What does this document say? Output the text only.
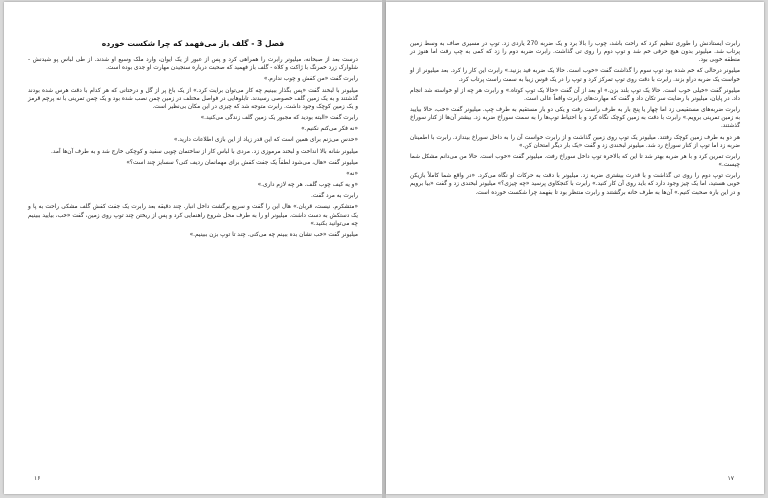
فصل 3 - گلف باز می‌فهمد که چرا شکست خورده

درست بعد از صبحانه، میلیونر رابرت را همراهی کرد و پس از عبور از یک ایوان، وارد ملک وسیع او شدند. از طی لباس پو شیدنش - شلوارک زرد خمرنگ با ژاکت و کلاه - گلف باز فهمید که صحبت درباره سنجیدن مهارت او جدی بوده است.

رابرت گفت «من کفش و چوب ندارم.»

میلیونر با لبخند گفت «پس بگذار ببینیم چه کار می‌توان برایت کرد.» از یک باغ پر از گل و درختانی که هر کدام با دقت هرس شده بودند گذشتند و به یک زمین گلف خصوصی رسیدند. تابلوهایی در فواصل مختلف در زمین چمن نصب شده بود و یک چمن تمرینی با نه پرچم قرمز و یک زمین کوچک وجود داشت. رابرت متوجه شد که چیزی در این مکان بی‌نظیر است.

رابرت گفت «البته بودید که مجبور یک زمین گلف زندگی می‌کنید.»

«نه فکر می‌کنم نکنیم.»

«حدس می‌زنم برای همین است که این قدر زیاد از این بازی اطلاعات دارید.»

میلیونر شانه بالا انداخت و لبخند مرموزی زد. مردی با لباس کار از ساختمان چوبی سفید و کوچکی خارج شد و به طرف آن‌ها آمد.

میلیونر گفت «هال، می‌شود لطفاً یک جفت کفش برای مهمانمان ردیف کنی؟ سسایز چند است؟»

«نه»

«و یه کیف چوب گلف. هر چه لازم داری.»

رابرت به مرد گفت.

«متشکرم. نیست، قربان.» هال این را گفت و سریع برگشت داخل انبار. چند دقیقه بعد رابرت یک جفت کفش گلف مشکی راحت به پا و یک دستکش به دست داشت. میلیونر او را به طرف محل شروع راهنمایی کرد و پس از ریختن چند توپ روی زمین، گفت «خب، بیایید ببینیم چه می‌توانید بکنید.»

میلیونر گفت «خب نشان بده ببینم چه می‌کنی. چند تا توپ بزن ببینیم.»

۱۶

رابرت ایستادنش را طوری تنظیم کرد که راحت باشد، چوب را بالا برد و یک ضربه 270 یاردی زد. توپ در مسیری صاف به وسط زمین پرتاب شد. میلیونر بدون هیچ حرفی خم شد و توپ دوم را روی تی گذاشت. رابرت ضربه دوم را زد که کمی به چپ رفت اما هنوز در منطقه خوبی بود.

میلیونر درحالی که خم شده بود توپ سوم را گذاشت گفت «خوب است. حالا یک ضربه فید بزنید.» رابرت این کار را کرد. بعد میلیونر از او خواست یک ضربه دراو بزند. رابرت با دقت روی توپ تمرکز کرد و توپ را در یک قوس زیبا به سمت راست پرتاب کرد.

میلیونر گفت «خیلی خوب است. حالا یک توپ بلند بزن.» او بعد از آن گفت «حالا یک توپ کوتاه.» و رابرت هر چه از او خواسته شد انجام داد. در پایان، میلیونر با رضایت سر تکان داد و گفت که مهارت‌های رابرت واقعاً عالی است.

رابرت ضربه‌های مستقیمی زد اما چهار یا پنج بار به طرف راست رفت و یکی دو بار مستقیم به طرف چپ. میلیونر گفت «خب، حالا بیایید به زمین تمرینی برویم.» رابرت با دقت به زمین کوچک نگاه کرد و با احتیاط توپ‌ها را به سمت سوراخ ضربه زد. بیشتر آن‌ها از کنار سوراخ گذشتند.

هر دو به طرف زمین کوچک رفتند. میلیونر یک توپ روی زمین گذاشت و از رابرت خواست آن را به داخل سوراخ بیندازد. رابرت با اطمینان ضربه زد اما توپ از کنار سوراخ رد شد. میلیونر لبخندی زد و گفت «یک بار دیگر امتحان کن.»

رابرت تمرین کرد و با هر ضربه بهتر شد تا این که بالاخره توپ داخل سوراخ رفت. میلیونر گفت «خوب است. حالا من می‌دانم مشکل شما چیست.»

رابرت توپ دوم را روی تی گذاشت و با قدرت بیشتری ضربه زد. میلیونر با دقت به حرکات او نگاه می‌کرد. «در واقع شما کاملاً بازیکن خوبی هستید، اما یک چیز وجود دارد که باید روی آن کار کنید.» رابرت با کنجکاوی پرسید «چه چیزی؟» میلیونر لبخندی زد و گفت «بیا برویم و در این باره صحبت کنیم.» آن‌ها به طرف خانه برگشتند و رابرت منتظر بود تا بفهمد چرا شکست خورده است.

۱۷
